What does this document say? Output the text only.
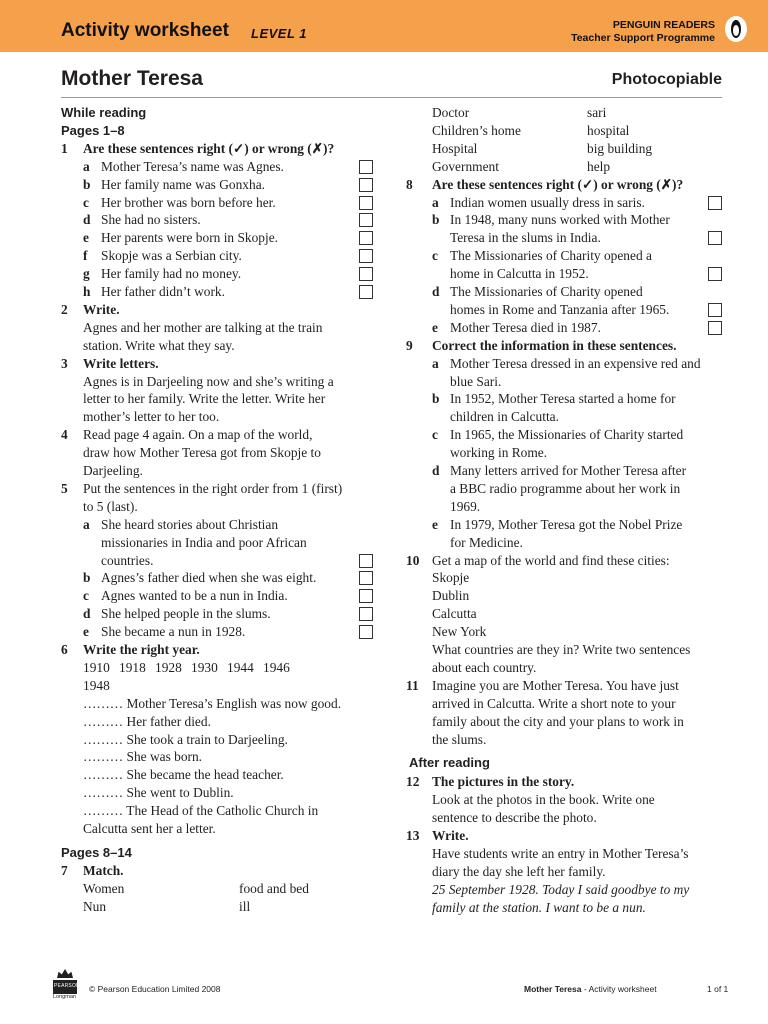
Activity worksheet LEVEL 1
PENGUIN READERS
Teacher Support Programme
Mother Teresa	Photocopiable
While reading
Pages 1–8
1 Are these sentences right (✓) or wrong (✗)?
a Mother Teresa’s name was Agnes.
b Her family name was Gonxha.
c Her brother was born before her.
d She had no sisters.
e Her parents were born in Skopje.
f Skopje was a Serbian city.
g Her family had no money.
h Her father didn’t work.
2 Write.
Agnes and her mother are talking at the train
station. Write what they say.
3 Write letters.
Agnes is in Darjeeling now and she’s writing a
letter to her family. Write the letter. Write her
mother’s letter to her too.
4 Read page 4 again. On a map of the world,
draw how Mother Teresa got from Skopje to
Darjeeling.
5 Put the sentences in the right order from 1 (first)
to 5 (last).
a She heard stories about Christian
missionaries in India and poor African
countries.
b Agnes’s father died when she was eight.
c Agnes wanted to be a nun in India.
d She helped people in the slums.
e She became a nun in 1928.
6 Write the right year.
1910 1918 1928 1930 1944 1946
1948
……… Mother Teresa’s English was now good.
……… Her father died.
……… She took a train to Darjeeling.
……… She was born.
……… She became the head teacher.
……… She went to Dublin.
……… The Head of the Catholic Church in
Calcutta sent her a letter.
Pages 8–14
7 Match.
Women	food and bed
Nun	ill
Doctor	sari
Children’s home	hospital
Hospital	big building
Government	help
8 Are these sentences right (✓) or wrong (✗)?
a Indian women usually dress in saris.
b In 1948, many nuns worked with Mother
Teresa in the slums in India.
c The Missionaries of Charity opened a
home in Calcutta in 1952.
d The Missionaries of Charity opened
homes in Rome and Tanzania after 1965.
e Mother Teresa died in 1987.
9 Correct the information in these sentences.
a Mother Teresa dressed in an expensive red and
blue Sari.
b In 1952, Mother Teresa started a home for
children in Calcutta.
c In 1965, the Missionaries of Charity started
working in Rome.
d Many letters arrived for Mother Teresa after
a BBC radio programme about her work in
1969.
e In 1979, Mother Teresa got the Nobel Prize
for Medicine.
10 Get a map of the world and find these cities:
Skopje
Dublin
Calcutta
New York
What countries are they in? Write two sentences
about each country.
11 Imagine you are Mother Teresa. You have just
arrived in Calcutta. Write a short note to your
family about the city and your plans to work in
the slums.
After reading
12 The pictures in the story.
Look at the photos in the book. Write one
sentence to describe the photo.
13 Write.
Have students write an entry in Mother Teresa’s
diary the day she left her family.
25 September 1928. Today I said goodbye to my
family at the station. I want to be a nun.
PEARSON
Longman
© Pearson Education Limited 2008	Mother Teresa - Activity worksheet	1 of 1
